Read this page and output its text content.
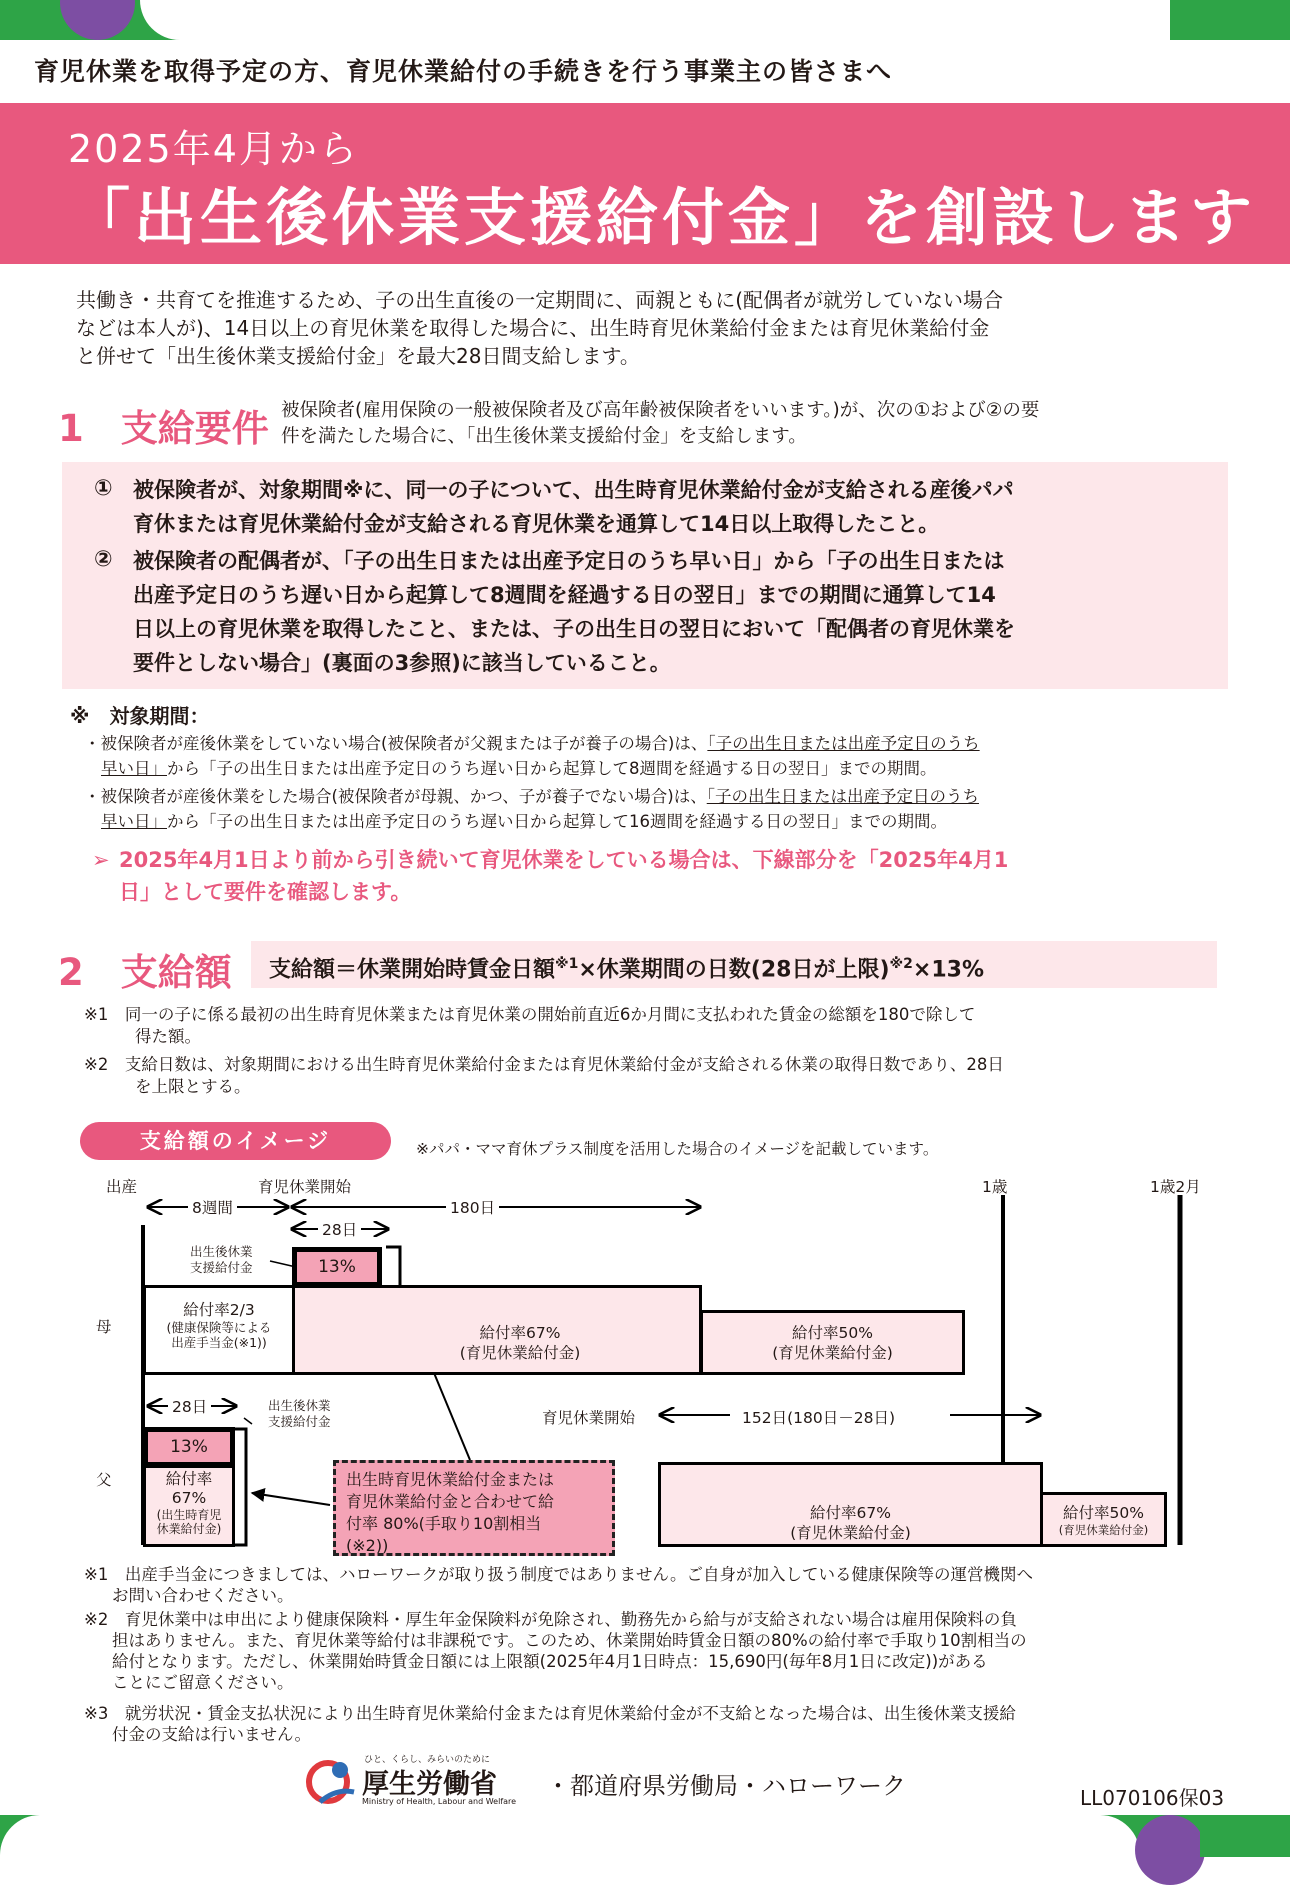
育児休業を取得予定の方、育児休業給付の手続きを行う事業主の皆さまへ
2025年4月から
「出生後休業支援給付金」を創設します
共働き・共育てを推進するため、子の出生直後の一定期間に、両親ともに(配偶者が就労していない場合
などは本人が)、14日以上の育児休業を取得した場合に、出生時育児休業給付金または育児休業給付金
と併せて「出生後休業支援給付金」を最大28日間支給します。
1　支給要件 被保険者(雇用保険の一般被保険者及び高年齢被保険者をいいます。)が、次の①および②の要
件を満たした場合に、「出生後休業支援給付金」を支給します。
① 被保険者が、対象期間※に、同一の子について、出生時育児休業給付金が支給される産後パパ
育休または育児休業給付金が支給される育児休業を通算して14日以上取得したこと。
② 被保険者の配偶者が、「子の出生日または出産予定日のうち早い日」から「子の出生日または
出産予定日のうち遅い日から起算して8週間を経過する日の翌日」までの期間に通算して14
日以上の育児休業を取得したこと、または、子の出生日の翌日において「配偶者の育児休業を
要件としない場合」(裏面の3参照)に該当していること。
※　対象期間：
・被保険者が産後休業をしていない場合(被保険者が父親または子が養子の場合)は、「子の出生日または出産予定日のうち
早い日」から「子の出生日または出産予定日のうち遅い日から起算して8週間を経過する日の翌日」までの期間。
・被保険者が産後休業をした場合(被保険者が母親、かつ、子が養子でない場合)は、「子の出生日または出産予定日のうち
早い日」から「子の出生日または出産予定日のうち遅い日から起算して16週間を経過する日の翌日」までの期間。
➢ 2025年4月1日より前から引き続いて育児休業をしている場合は、下線部分を「2025年4月1
日」として要件を確認します。
2　支給額	支給額＝休業開始時賃金日額$^{※1}$×休業期間の日数(28日が上限)$^{※2}$×13%
※1　同一の子に係る最初の出生時育児休業または育児休業の開始前直近6か月間に支払われた賃金の総額を180で除して
得た額。
※2　支給日数は、対象期間における出生時育児休業給付金または育児休業給付金が支給される休業の取得日数であり、28日
を上限とする。
支給額のイメージ	※パパ・ママ育休プラス制度を活用した場合のイメージを記載しています。
出産	育児休業開始	1歳	1歳2月
8週間	180日
28日
28日
母
出生後休業
支援給付金	13%
給付率2/3
(健康保険等による
出産手当金(※1))
給付率67%
(育児休業給付金)
給付率50%
(育児休業給付金)
父
出生後休業
支援給付金
13%
給付率
67%
(出生時育児
休業給付金)
育児休業開始	152日(180日－28日)
給付率67%
(育児休業給付金)
給付率50%
(育児休業給付金)
出生時育児休業給付金または
育児休業給付金と合わせて給
付率 80%(手取り10割相当
(※2))
※1　出産手当金につきましては、ハローワークが取り扱う制度ではありません。ご自身が加入している健康保険等の運営機関へ
お問い合わせください。
※2　育児休業中は申出により健康保険料・厚生年金保険料が免除され、勤務先から給与が支給されない場合は雇用保険料の負
担はありません。また、育児休業等給付は非課税です。このため、休業開始時賃金日額の80%の給付率で手取り10割相当の
給付となります。ただし、休業開始時賃金日額には上限額(2025年4月1日時点：15,690円(毎年8月1日に改定))がある
ことにご留意ください。
※3　就労状況・賃金支払状況により出生時育児休業給付金または育児休業給付金が不支給となった場合は、出生後休業支援給
付金の支給は行いません。
ひと、くらし、みらいのために
厚生労働省
Ministry of Health, Labour and Welfare
・都道府県労働局・ハローワーク	LL070106保03
